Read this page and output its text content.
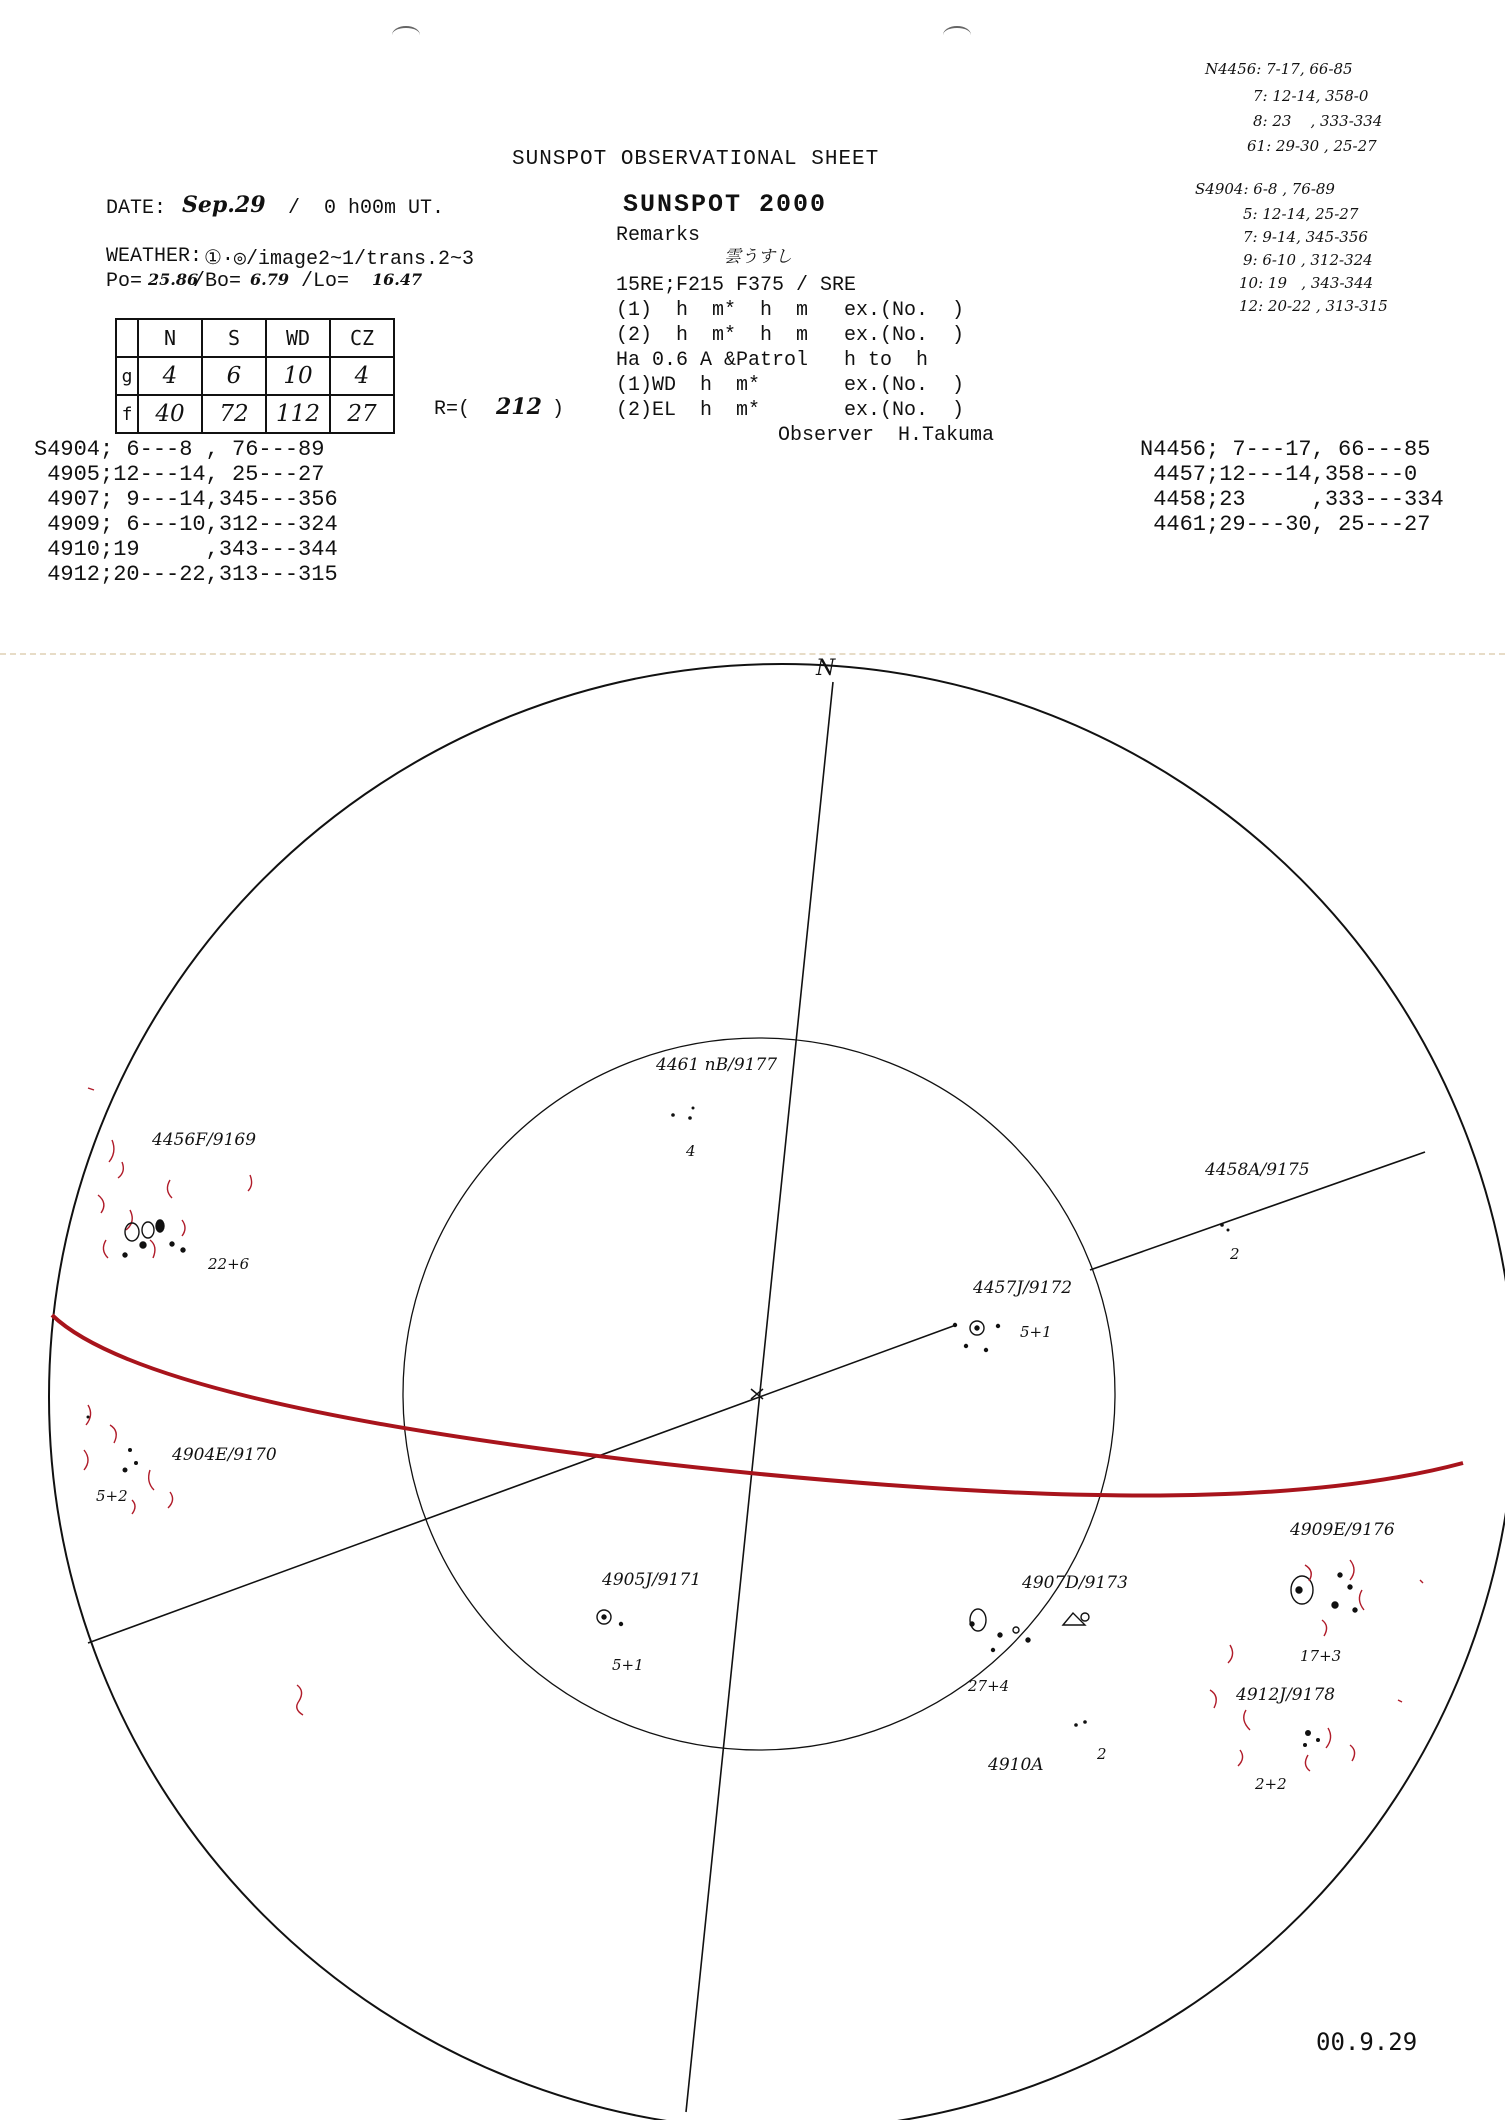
SUNSPOT OBSERVATIONAL SHEET
DATE: Sep.29 /  0 h00m UT.
WEATHER: ①·◎/image2~1/trans.2~3
Po= 25.86
/Bo= 6.79 /Lo= 16.47
	N	S	WD	CZ
g	4	6	10	4
f	40	72	112	27	R=( 212 )
SUNSPOT 2000
Remarks
雲うすし
15RE;F215 F375 / SRE
(1)  h  m*  h  m   ex.(No.  )
(2)  h  m*  h  m   ex.(No.  )
Ha 0.6 A &Patrol   h to  h
(1)WD  h  m*       ex.(No.  )
(2)EL  h  m*       ex.(No.  )
Observer  H.Takuma
S4904; 6---8 , 76---89
4905;12---14, 25---27
4907; 9---14,345---356
4909; 6---10,312---324
4910;19     ,343---344
4912;20---22,313---315
N4456; 7---17, 66---85
4457;12---14,358---0
4458;23     ,333---334
4461;29---30, 25---27
N4456: 7-17, 66-85
7: 12-14, 358-0
8: 23    , 333-334
61: 29-30 , 25-27
S4904: 6-8 , 76-89
5: 12-14, 25-27
7: 9-14, 345-356
9: 6-10 , 312-324
10: 19   , 343-344
12: 20-22 , 313-315
N
4461 nB/9177
4
4456F/9169
22+6
4458A/9175
2
4457J/9172
5+1
4904E/9170
5+2
4905J/9171
5+1
4907D/9173
27+4
4909E/9176
17+3
4912J/9178
2+2
4910A
2
00.9.29
